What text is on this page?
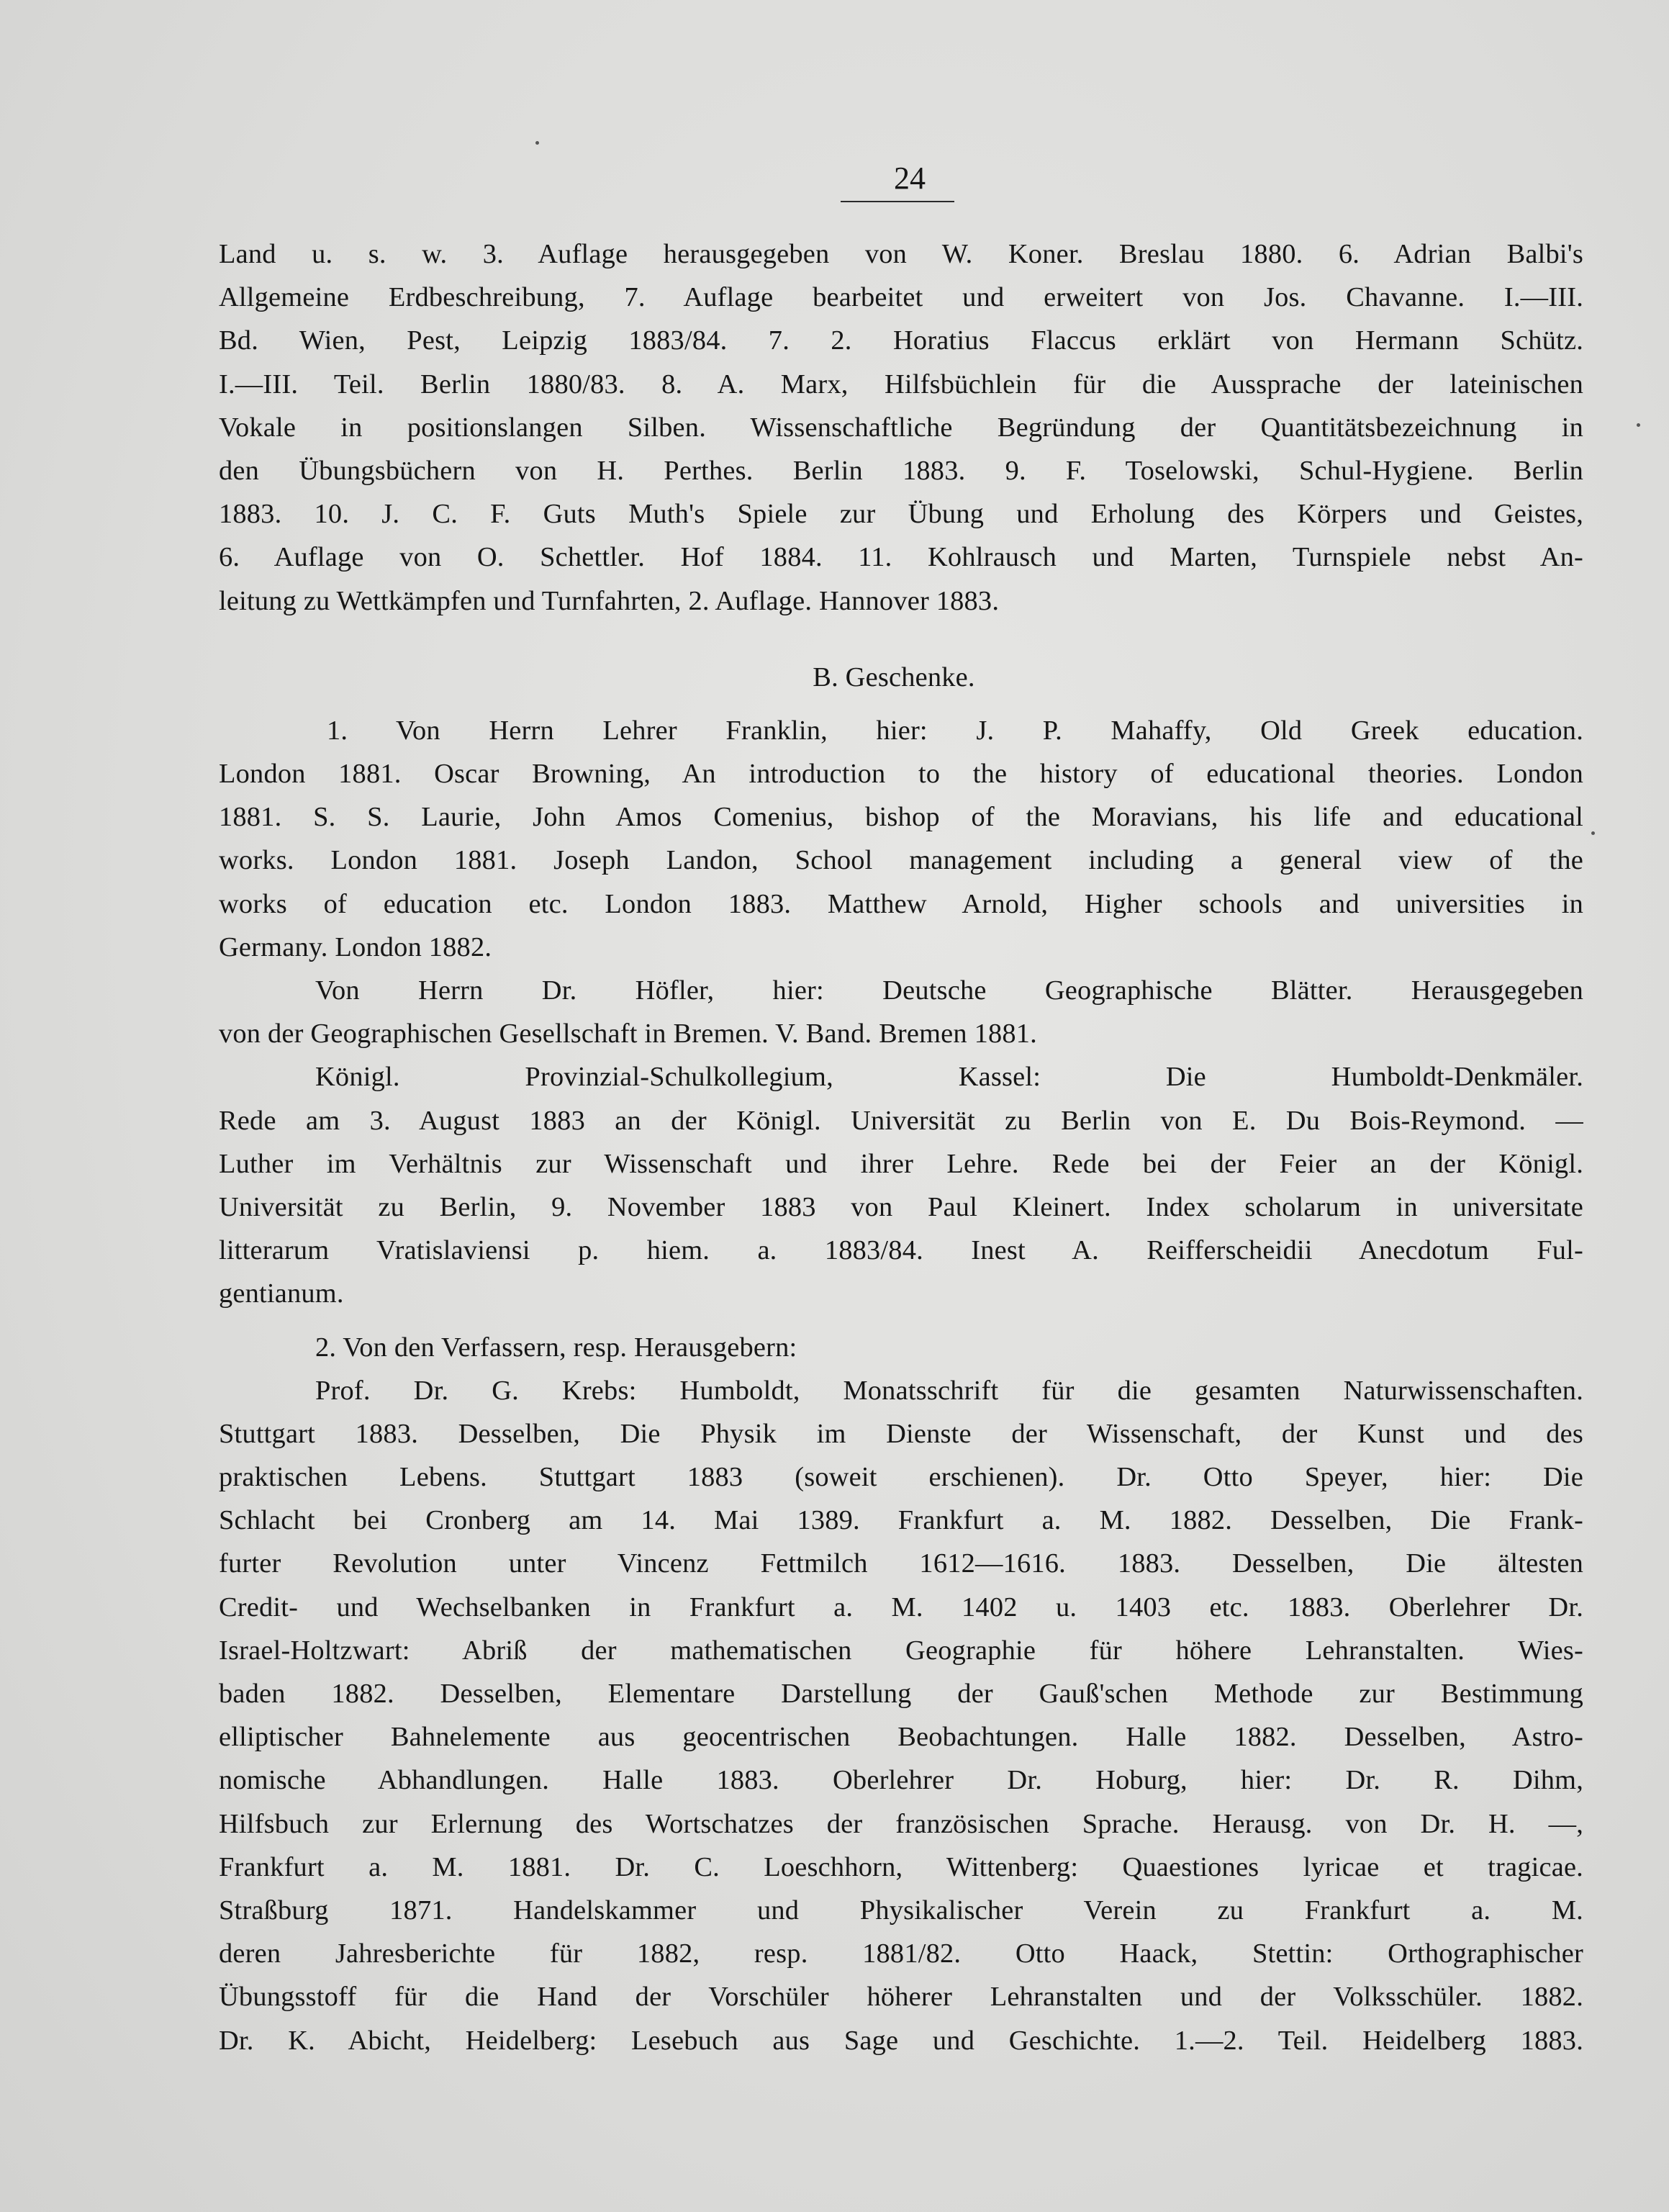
24
Land u. s. w. 3. Auflage herausgegeben von W. Koner. Breslau 1880. 6. Adrian Balbi's
Allgemeine Erdbeschreibung, 7. Auflage bearbeitet und erweitert von Jos. Chavanne. I.—III.
Bd. Wien, Pest, Leipzig 1883/84. 7. 2. Horatius Flaccus erklärt von Hermann Schütz.
I.—III. Teil. Berlin 1880/83. 8. A. Marx, Hilfsbüchlein für die Aussprache der lateinischen
Vokale in positionslangen Silben. Wissenschaftliche Begründung der Quantitätsbezeichnung in
den Übungsbüchern von H. Perthes. Berlin 1883. 9. F. Toselowski, Schul-Hygiene. Berlin
1883. 10. J. C. F. Guts Muth's Spiele zur Übung und Erholung des Körpers und Geistes,
6. Auflage von O. Schettler. Hof 1884. 11. Kohlrausch und Marten, Turnspiele nebst An-
leitung zu Wettkämpfen und Turnfahrten, 2. Auflage. Hannover 1883.
B. Geschenke.
1. Von Herrn Lehrer Franklin, hier: J. P. Mahaffy, Old Greek education.
London 1881. Oscar Browning, An introduction to the history of educational theories. London
1881. S. S. Laurie, John Amos Comenius, bishop of the Moravians, his life and educational
works. London 1881. Joseph Landon, School management including a general view of the
works of education etc. London 1883. Matthew Arnold, Higher schools and universities in
Germany. London 1882.
Von Herrn Dr. Höfler, hier: Deutsche Geographische Blätter. Herausgegeben
von der Geographischen Gesellschaft in Bremen. V. Band. Bremen 1881.
Königl. Provinzial-Schulkollegium, Kassel: Die Humboldt-Denkmäler.
Rede am 3. August 1883 an der Königl. Universität zu Berlin von E. Du Bois-Reymond. —
Luther im Verhältnis zur Wissenschaft und ihrer Lehre. Rede bei der Feier an der Königl.
Universität zu Berlin, 9. November 1883 von Paul Kleinert. Index scholarum in universitate
litterarum Vratislaviensi p. hiem. a. 1883/84. Inest A. Reifferscheidii Anecdotum Ful-
gentianum.
2. Von den Verfassern, resp. Herausgebern:
Prof. Dr. G. Krebs: Humboldt, Monatsschrift für die gesamten Naturwissenschaften.
Stuttgart 1883. Desselben, Die Physik im Dienste der Wissenschaft, der Kunst und des
praktischen Lebens. Stuttgart 1883 (soweit erschienen). Dr. Otto Speyer, hier: Die
Schlacht bei Cronberg am 14. Mai 1389. Frankfurt a. M. 1882. Desselben, Die Frank-
furter Revolution unter Vincenz Fettmilch 1612—1616. 1883. Desselben, Die ältesten
Credit- und Wechselbanken in Frankfurt a. M. 1402 u. 1403 etc. 1883. Oberlehrer Dr.
Israel-Holtzwart: Abriß der mathematischen Geographie für höhere Lehranstalten. Wies-
baden 1882. Desselben, Elementare Darstellung der Gauß'schen Methode zur Bestimmung
elliptischer Bahnelemente aus geocentrischen Beobachtungen. Halle 1882. Desselben, Astro-
nomische Abhandlungen. Halle 1883. Oberlehrer Dr. Hoburg, hier: Dr. R. Dihm,
Hilfsbuch zur Erlernung des Wortschatzes der französischen Sprache. Herausg. von Dr. H. —,
Frankfurt a. M. 1881. Dr. C. Loeschhorn, Wittenberg: Quaestiones lyricae et tragicae.
Straßburg 1871. Handelskammer und Physikalischer Verein zu Frankfurt a. M.
deren Jahresberichte für 1882, resp. 1881/82. Otto Haack, Stettin: Orthographischer
Übungsstoff für die Hand der Vorschüler höherer Lehranstalten und der Volksschüler. 1882.
Dr. K. Abicht, Heidelberg: Lesebuch aus Sage und Geschichte. 1.—2. Teil. Heidelberg 1883.
